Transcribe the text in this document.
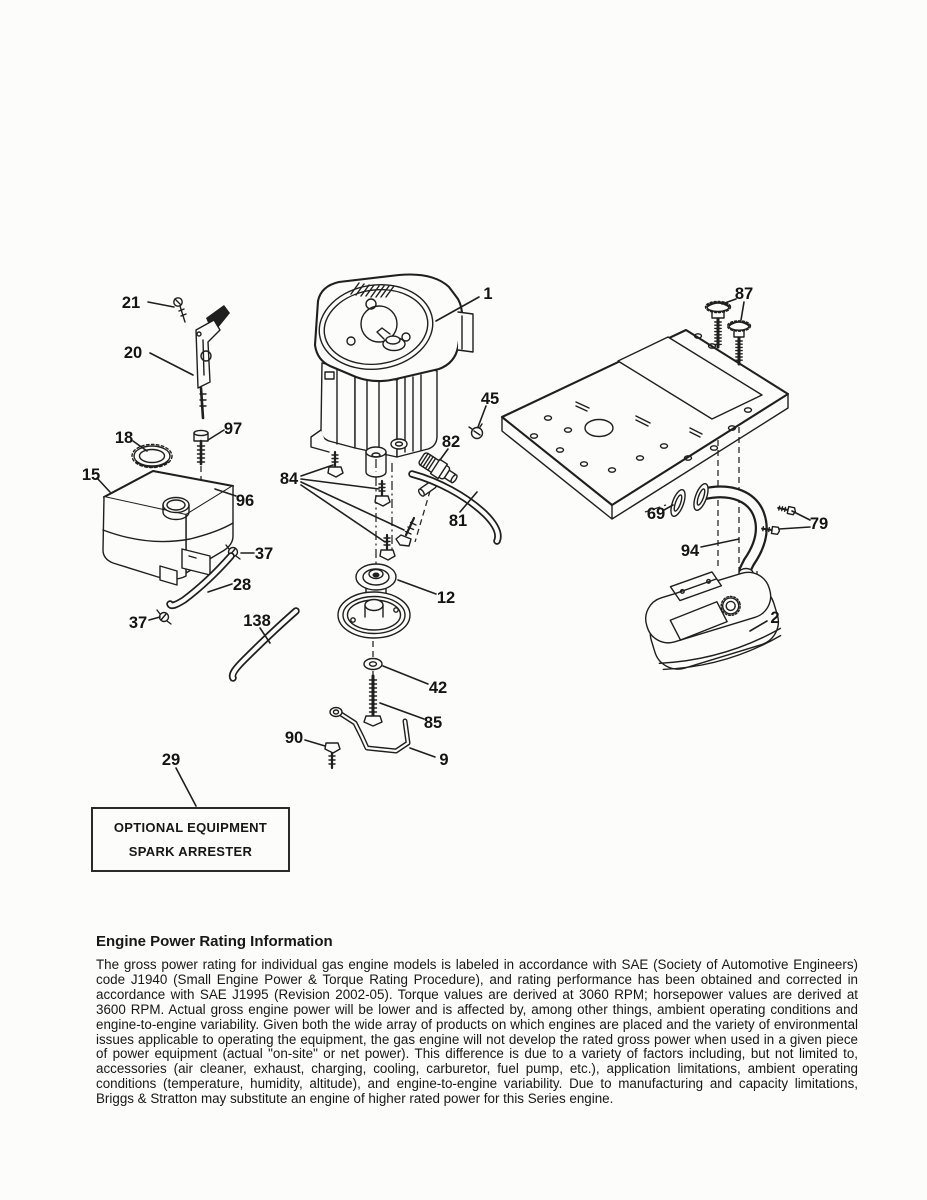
21
20
18	97
15
96
37
28
37	138
29
1
45
82
84
81
12
42
85
90
9
87
69
79
94
2
OPTIONAL EQUIPMENT
SPARK ARRESTER
Engine Power Rating Information

The gross power rating for individual gas engine models is labeled in accordance with SAE (Society of Automotive Engineers) code J1940 (Small Engine Power & Torque Rating Procedure), and rating performance has been obtained and corrected in accordance with SAE J1995 (Revision 2002-05). Torque values are derived at 3060 RPM; horsepower values are derived at 3600 RPM. Actual gross engine power will be lower and is affected by, among other things, ambient operating conditions and engine-to-engine variability. Given both the wide array of products on which engines are placed and the variety of environmental issues applicable to operating the equipment, the gas engine will not develop the rated gross power when used in a given piece of power equipment (actual "on-site" or net power). This difference is due to a variety of factors including, but not limited to, accessories (air cleaner, exhaust, charging, cooling, carburetor, fuel pump, etc.), application limitations, ambient operating conditions (temperature, humidity, altitude), and engine-to-engine variability. Due to manufacturing and capacity limitations, Briggs & Stratton may substitute an engine of higher rated power for this Series engine.
